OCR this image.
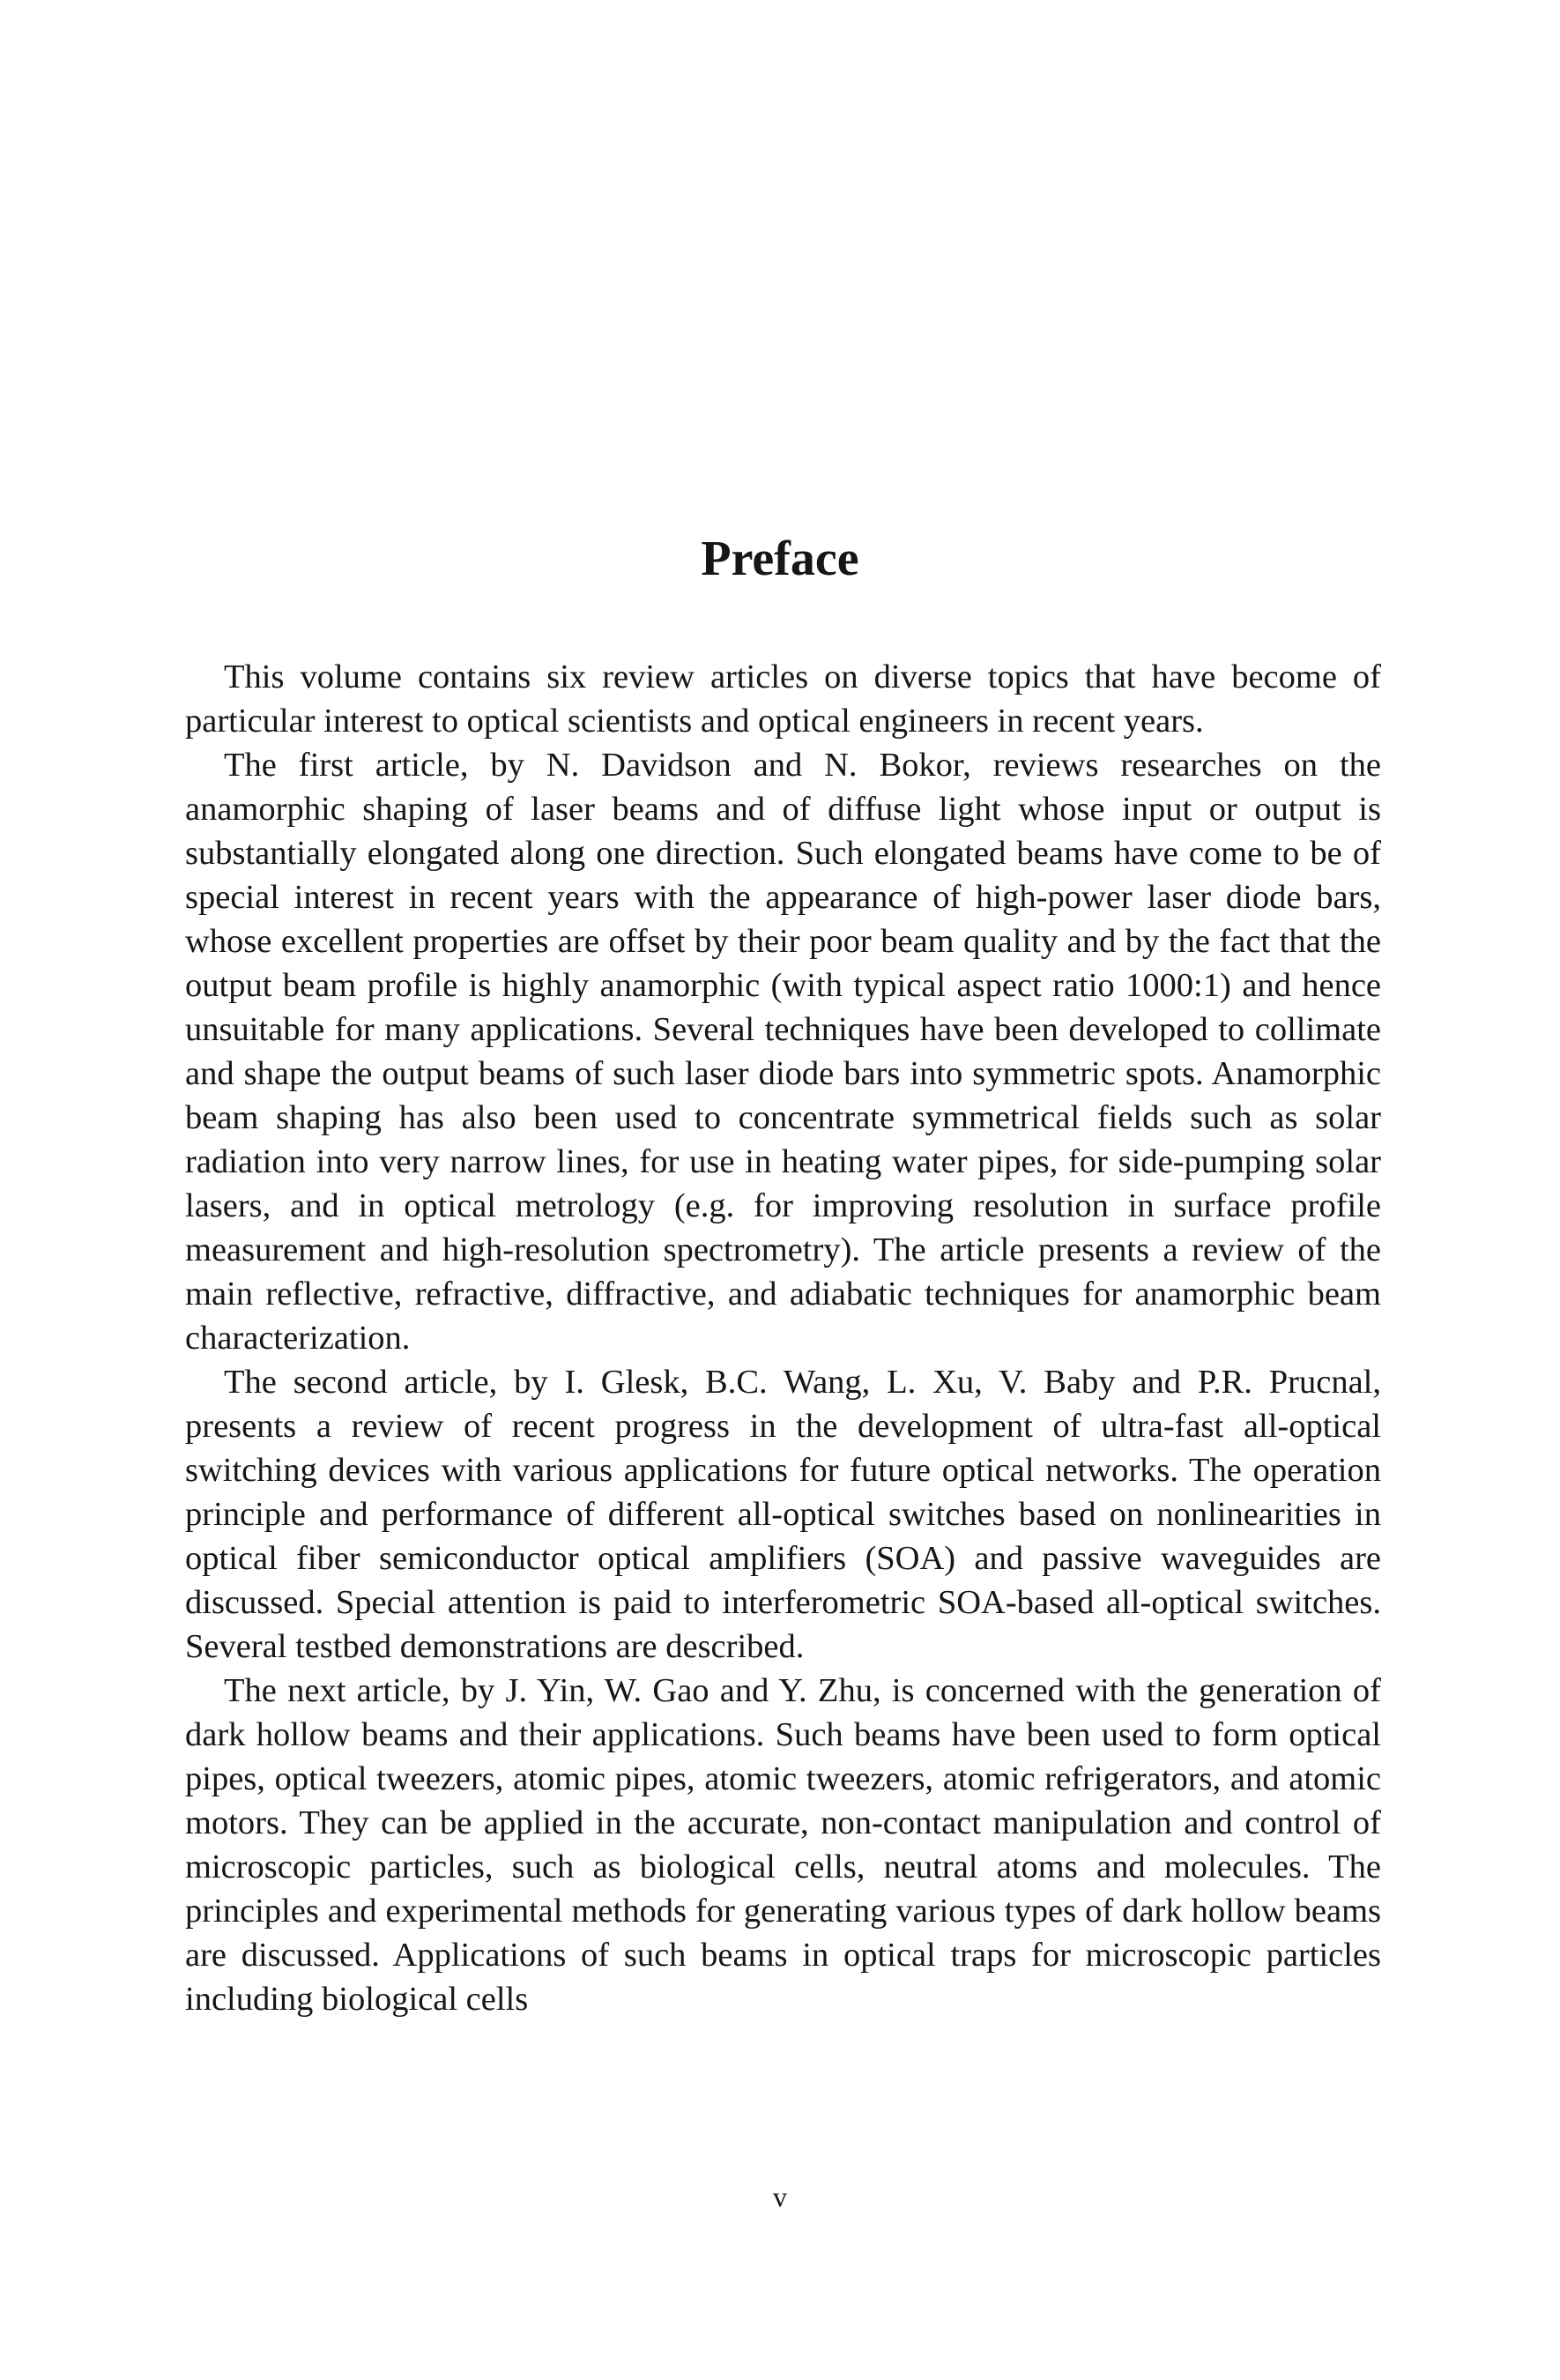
Preface

This volume contains six review articles on diverse topics that have become of particular interest to optical scientists and optical engineers in recent years.

The first article, by N. Davidson and N. Bokor, reviews researches on the anamorphic shaping of laser beams and of diffuse light whose input or output is substantially elongated along one direction. Such elongated beams have come to be of special interest in recent years with the appearance of high-power laser diode bars, whose excellent properties are offset by their poor beam quality and by the fact that the output beam profile is highly anamorphic (with typical aspect ratio 1000:1) and hence unsuitable for many applications. Several techniques have been developed to collimate and shape the output beams of such laser diode bars into symmetric spots. Anamorphic beam shaping has also been used to concentrate symmetrical fields such as solar radiation into very narrow lines, for use in heating water pipes, for side-pumping solar lasers, and in optical metrology (e.g. for improving resolution in surface profile measurement and high-resolution spectrometry). The article presents a review of the main reflective, refractive, diffractive, and adiabatic techniques for anamorphic beam characterization.

The second article, by I. Glesk, B.C. Wang, L. Xu, V. Baby and P.R. Prucnal, presents a review of recent progress in the development of ultra-fast all-optical switching devices with various applications for future optical networks. The operation principle and performance of different all-optical switches based on nonlinearities in optical fiber semiconductor optical amplifiers (SOA) and passive waveguides are discussed. Special attention is paid to interferometric SOA-based all-optical switches. Several testbed demonstrations are described.

The next article, by J. Yin, W. Gao and Y. Zhu, is concerned with the generation of dark hollow beams and their applications. Such beams have been used to form optical pipes, optical tweezers, atomic pipes, atomic tweezers, atomic refrigerators, and atomic motors. They can be applied in the accurate, non-contact manipulation and control of microscopic particles, such as biological cells, neutral atoms and molecules. The principles and experimental methods for generating various types of dark hollow beams are discussed. Applications of such beams in optical traps for microscopic particles including biological cells

v
